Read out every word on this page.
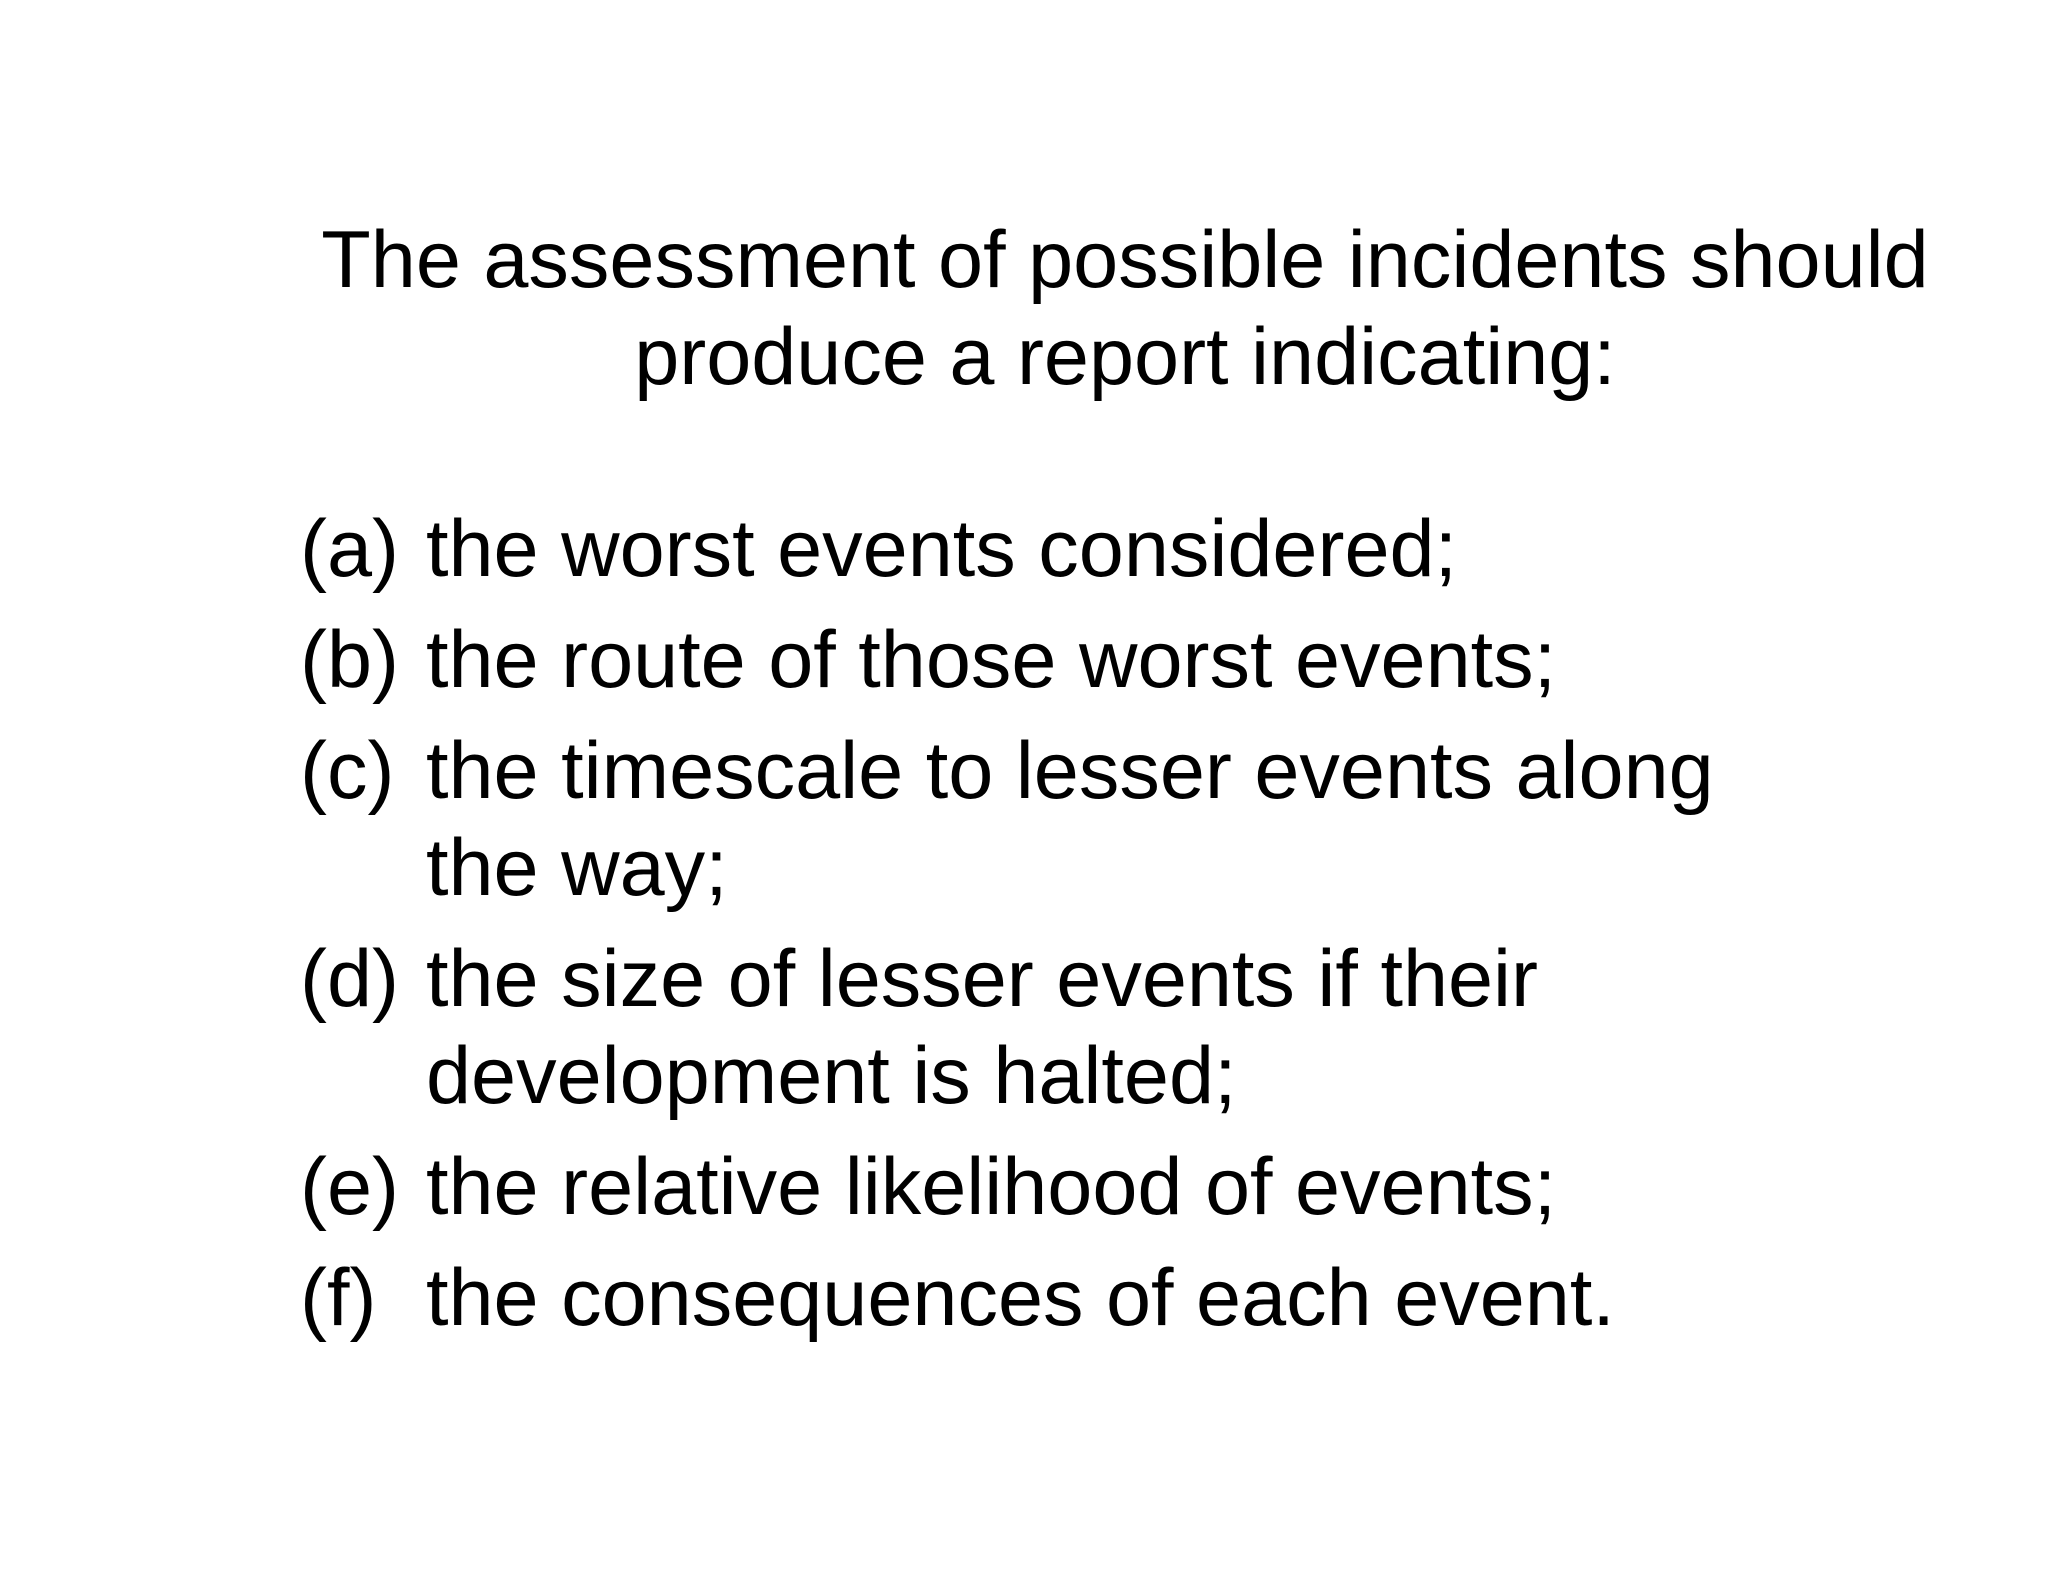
The assessment of possible incidents should
produce a report indicating:
(a) the worst events considered;
(b) the route of those worst events;
(c) the timescale to lesser events along
the way;
(d) the size of lesser events if their
development is halted;
(e) the relative likelihood of events;
(f) the consequences of each event.
